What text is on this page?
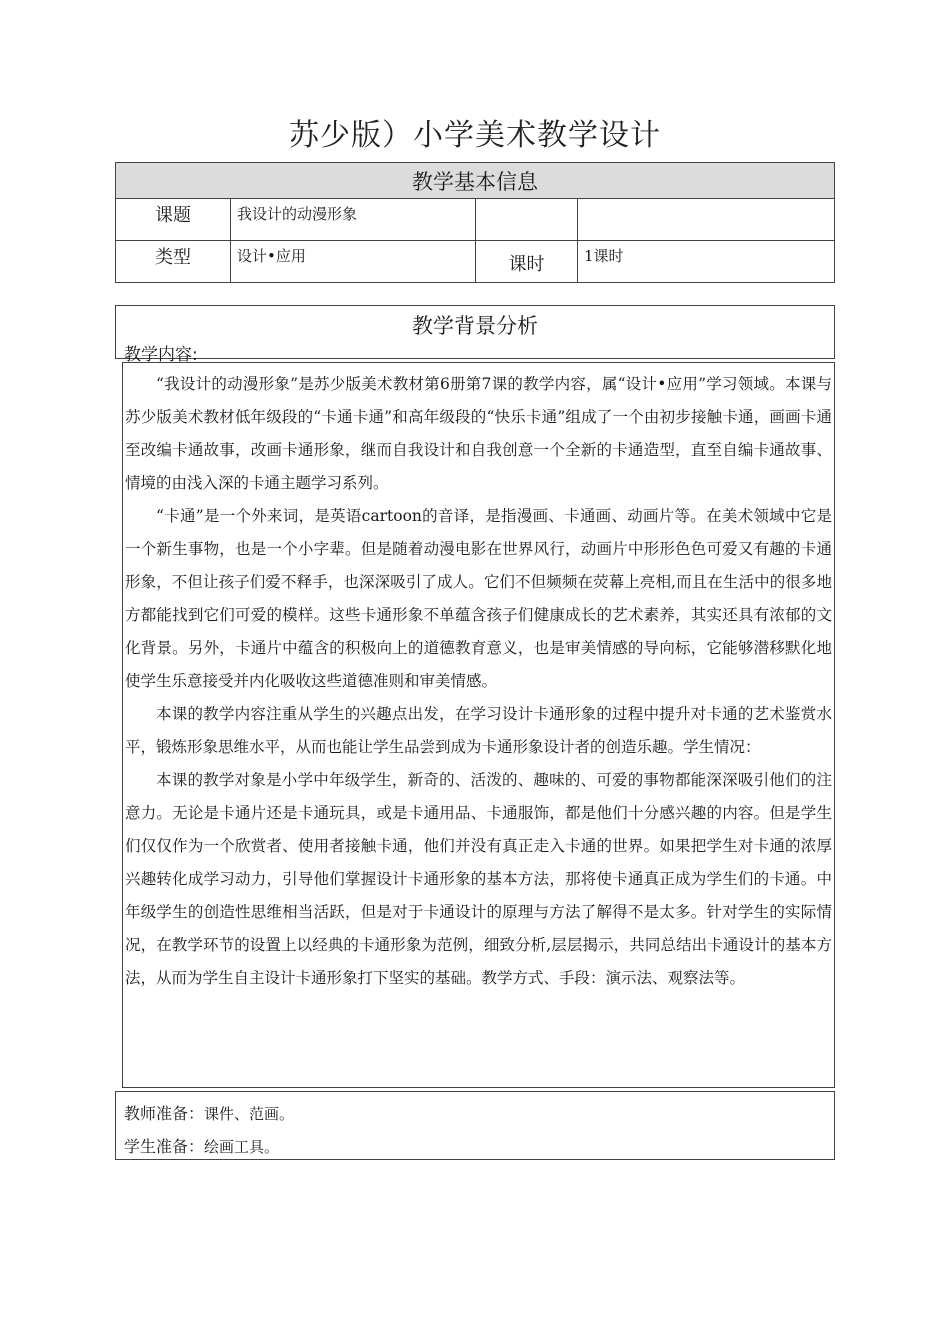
苏少版）小学美术教学设计
教学基本信息			
课题	我设计的动漫形象		
类型	设计•应用	课时	1课时
教学背景分析
教学内容:

“我设计的动漫形象”是苏少版美术教材第6册第7课的教学内容，属“设计•应用”学习领域。本课与苏少版美术教材低年级段的“卡通卡通”和高年级段的“快乐卡通”组成了一个由初步接触卡通，画画卡通至改编卡通故事，改画卡通形象，继而自我设计和自我创意一个全新的卡通造型，直至自编卡通故事、情境的由浅入深的卡通主题学习系列。

“卡通”是一个外来词，是英语cartoon的音译，是指漫画、卡通画、动画片等。在美术领域中它是一个新生事物，也是一个小字辈。但是随着动漫电影在世界风行，动画片中形形色色可爱又有趣的卡通形象，不但让孩子们爱不释手，也深深吸引了成人。它们不但频频在荧幕上亮相,而且在生活中的很多地方都能找到它们可爱的模样。这些卡通形象不单蕴含孩子们健康成长的艺术素养，其实还具有浓郁的文化背景。另外，卡通片中蕴含的积极向上的道德教育意义，也是审美情感的导向标，它能够潜移默化地使学生乐意接受并内化吸收这些道德准则和审美情感。

本课的教学内容注重从学生的兴趣点出发，在学习设计卡通形象的过程中提升对卡通的艺术鉴赏水平，锻炼形象思维水平，从而也能让学生品尝到成为卡通形象设计者的创造乐趣。学生情况：

本课的教学对象是小学中年级学生，新奇的、活泼的、趣味的、可爱的事物都能深深吸引他们的注意力。无论是卡通片还是卡通玩具，或是卡通用品、卡通服饰，都是他们十分感兴趣的内容。但是学生们仅仅作为一个欣赏者、使用者接触卡通，他们并没有真正走入卡通的世界。如果把学生对卡通的浓厚兴趣转化成学习动力，引导他们掌握设计卡通形象的基本方法，那将使卡通真正成为学生们的卡通。中年级学生的创造性思维相当活跃，但是对于卡通设计的原理与方法了解得不是太多。针对学生的实际情况，在教学环节的设置上以经典的卡通形象为范例，细致分析,层层揭示，共同总结出卡通设计的基本方法，从而为学生自主设计卡通形象打下坚实的基础。教学方式、手段：演示法、观察法等。

教师准备：课件、范画。
学生准备：绘画工具。
